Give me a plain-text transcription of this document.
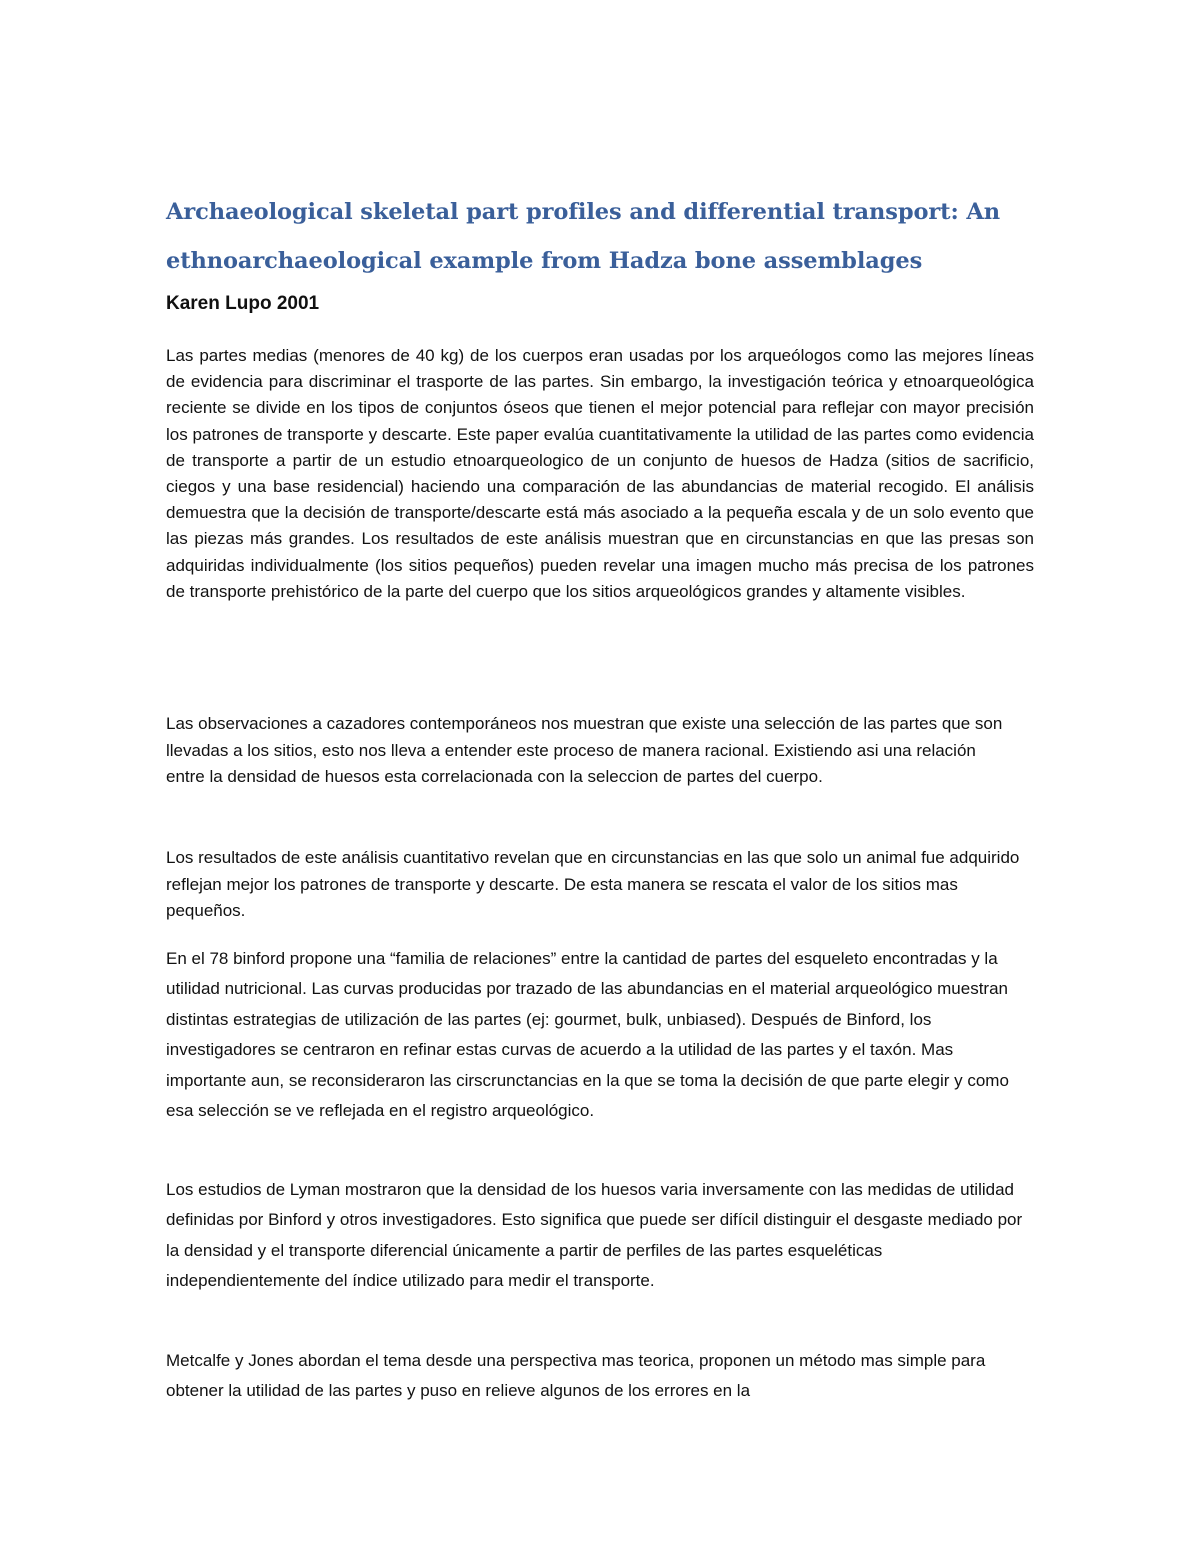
Archaeological skeletal part profiles and differential transport: An ethnoarchaeological example from Hadza bone assemblages

Karen Lupo 2001

Las partes medias (menores de 40 kg) de los cuerpos eran usadas por los arqueólogos como las mejores líneas de evidencia para discriminar el trasporte de las partes. Sin embargo, la investigación teórica y etnoarqueológica reciente se divide en los tipos de conjuntos óseos que tienen el mejor potencial para reflejar con mayor precisión los patrones de transporte y descarte. Este paper evalúa cuantitativamente la utilidad de las partes como evidencia de transporte a partir de un estudio etnoarqueologico de un conjunto de huesos de Hadza (sitios de sacrificio, ciegos y una base residencial) haciendo una comparación de las abundancias de material recogido. El análisis demuestra que la decisión de transporte/descarte está más asociado a la pequeña escala y de un solo evento que las piezas más grandes. Los resultados de este análisis muestran que en circunstancias en que las presas son adquiridas individualmente (los sitios pequeños) pueden revelar una imagen mucho más precisa de los patrones de transporte prehistórico de la parte del cuerpo que los sitios arqueológicos grandes y altamente visibles.

Las observaciones a cazadores contemporáneos nos muestran que existe una selección de las partes que son llevadas a los sitios, esto nos lleva a entender este proceso de manera racional. Existiendo asi una relación entre la densidad de huesos esta correlacionada con la seleccion de partes del cuerpo.

Los resultados de este análisis cuantitativo revelan que en circunstancias en las que solo un animal fue adquirido reflejan mejor los patrones de transporte y descarte. De esta manera se rescata el valor de los sitios mas pequeños.

En el 78 binford propone una “familia de relaciones” entre la cantidad de partes del esqueleto encontradas y la utilidad nutricional. Las curvas producidas por trazado de las abundancias en el material arqueológico muestran distintas estrategias de utilización de las partes (ej: gourmet, bulk, unbiased). Después de Binford, los investigadores se centraron en refinar estas curvas de acuerdo a la utilidad de las partes y el taxón. Mas importante aun, se reconsideraron las cirscrunctancias en la que se toma la decisión de que parte elegir y como esa selección se ve reflejada en el registro arqueológico.

Los estudios de Lyman mostraron que la densidad de los huesos varia inversamente con las medidas de utilidad definidas por Binford y otros investigadores. Esto significa que puede ser difícil distinguir el desgaste mediado por la densidad y el transporte diferencial únicamente a partir de perfiles de las partes esqueléticas independientemente del índice utilizado para medir el transporte.

Metcalfe y Jones abordan el tema desde una perspectiva mas teorica, proponen un método mas simple para obtener la utilidad de las partes y puso en relieve algunos de los errores en la
